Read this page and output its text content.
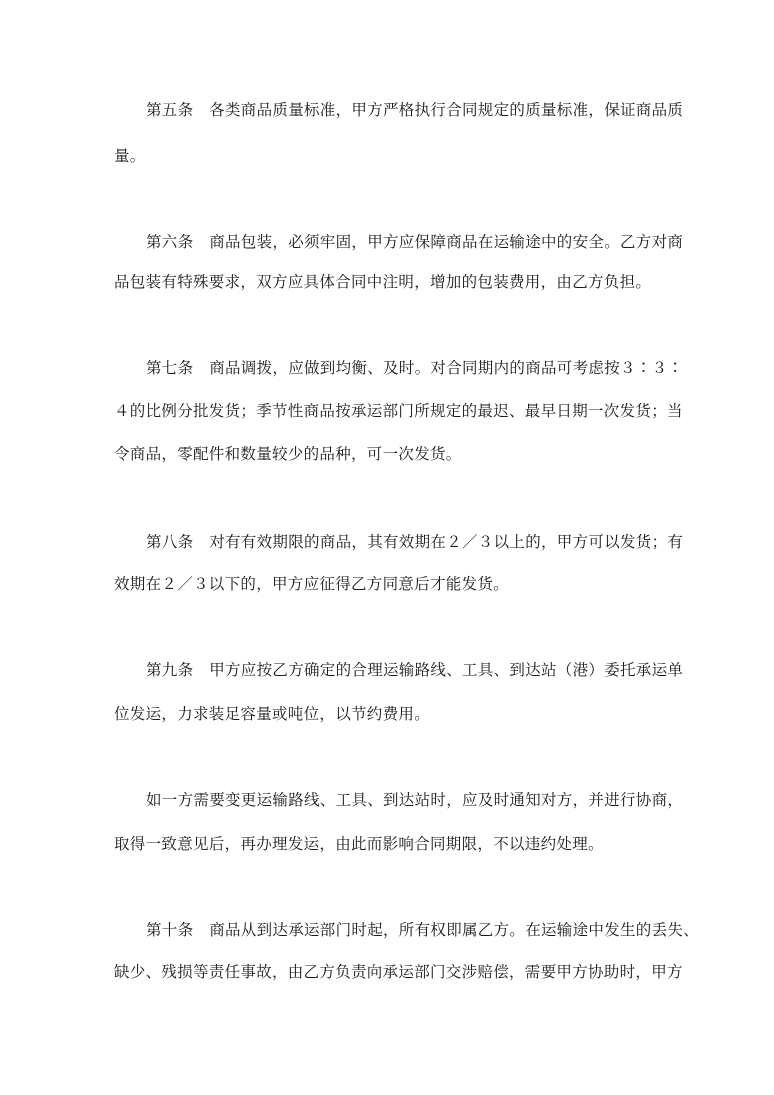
第五条　各类商品质量标准，甲方严格执行合同规定的质量标准，保证商品质
量。
第六条　商品包装，必须牢固，甲方应保障商品在运输途中的安全。乙方对商
品包装有特殊要求，双方应具体合同中注明，增加的包装费用，由乙方负担。
第七条　商品调拨，应做到均衡、及时。对合同期内的商品可考虑按３∶３∶
４的比例分批发货；季节性商品按承运部门所规定的最迟、最早日期一次发货；当
令商品，零配件和数量较少的品种，可一次发货。
第八条　对有有效期限的商品，其有效期在２／３以上的，甲方可以发货；有
效期在２／３以下的，甲方应征得乙方同意后才能发货。
第九条　甲方应按乙方确定的合理运输路线、工具、到达站（港）委托承运单
位发运，力求装足容量或吨位，以节约费用。
如一方需要变更运输路线、工具、到达站时，应及时通知对方，并进行协商，
取得一致意见后，再办理发运，由此而影响合同期限，不以违约处理。
第十条　商品从到达承运部门时起，所有权即属乙方。在运输途中发生的丢失、
缺少、残损等责任事故，由乙方负责向承运部门交涉赔偿，需要甲方协助时，甲方
